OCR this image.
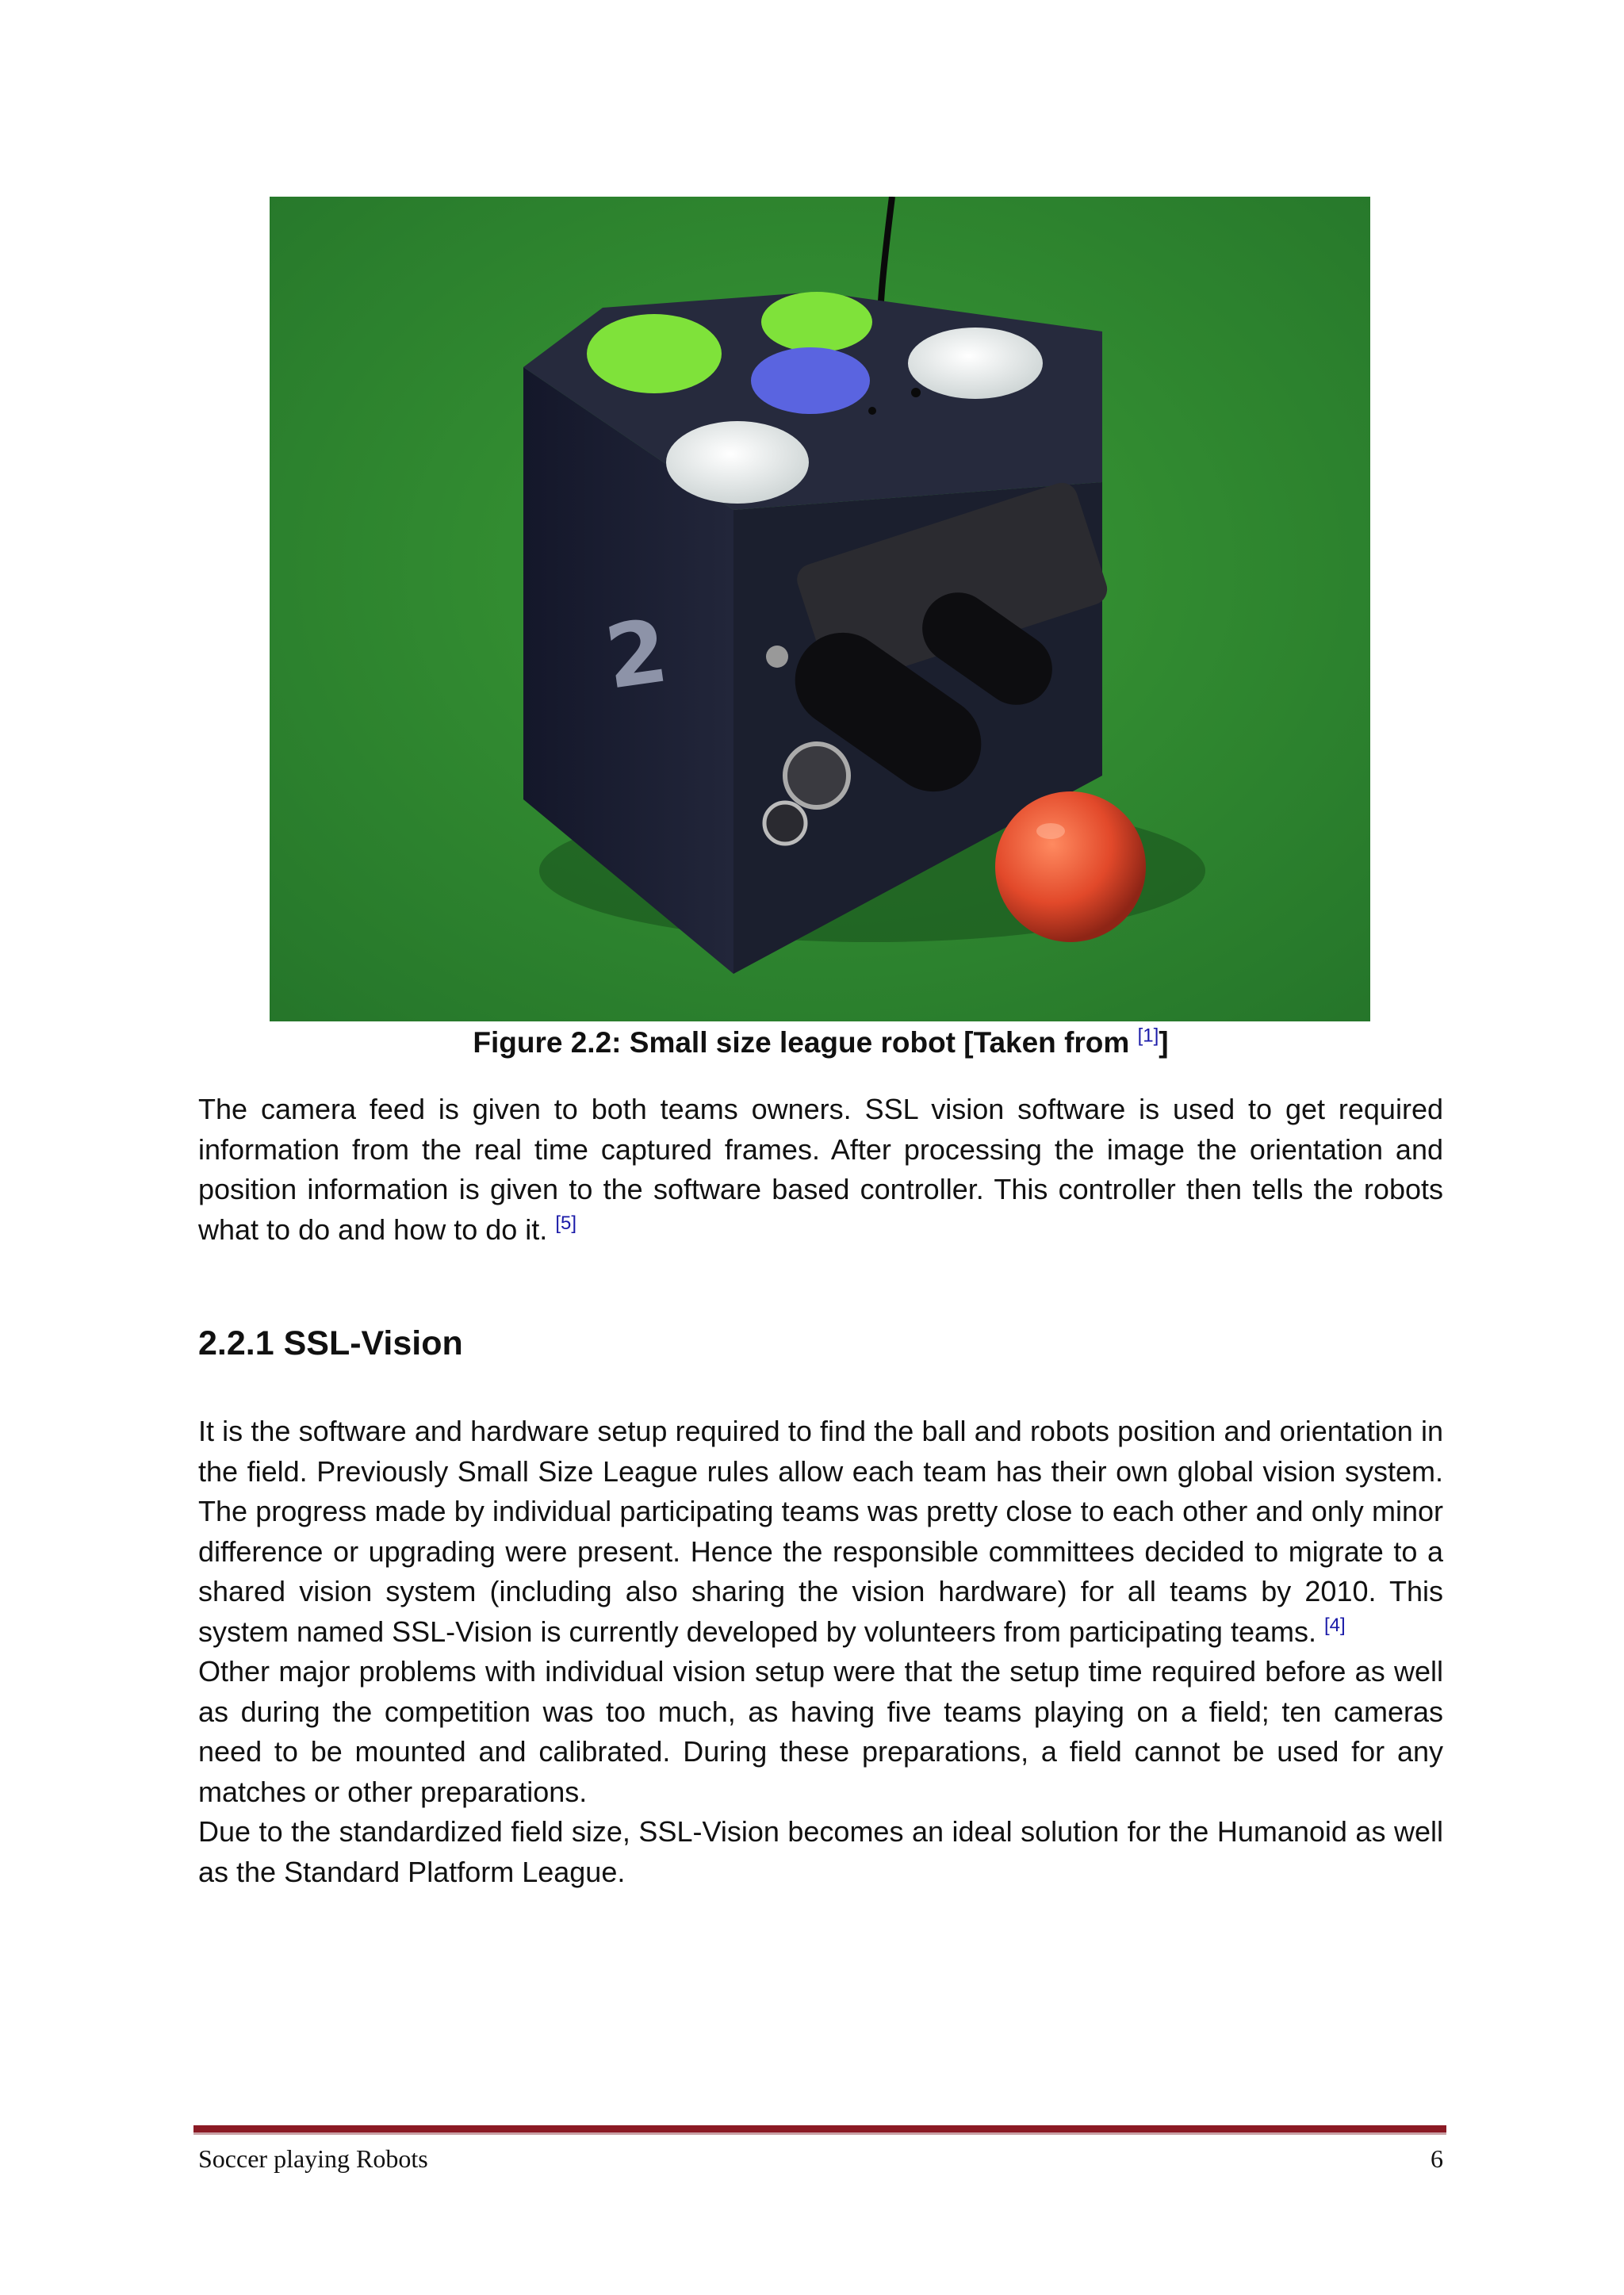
2
Figure 2.2: Small size league robot [Taken from [1]]

The camera feed is given to both teams owners. SSL vision software is used to get required information from the real time captured frames. After processing the image the orientation and position information is given to the software based controller. This controller then tells the robots what to do and how to do it. [5]

2.2.1 SSL-Vision

It is the software and hardware setup required to find the ball and robots position and orientation in the field. Previously Small Size League rules allow each team has their own global vision system. The progress made by individual participating teams was pretty close to each other and only minor difference or upgrading were present. Hence the responsible committees decided to migrate to a shared vision system (including also sharing the vision hardware) for all teams by 2010. This system named SSL-Vision is currently developed by volunteers from participating teams. [4]

Other major problems with individual vision setup were that the setup time required before as well as during the competition was too much, as having five teams playing on a field; ten cameras need to be mounted and calibrated. During these preparations, a field cannot be used for any matches or other preparations.

Due to the standardized field size, SSL-Vision becomes an ideal solution for the Humanoid as well as the Standard Platform League.

Soccer playing Robots	6
